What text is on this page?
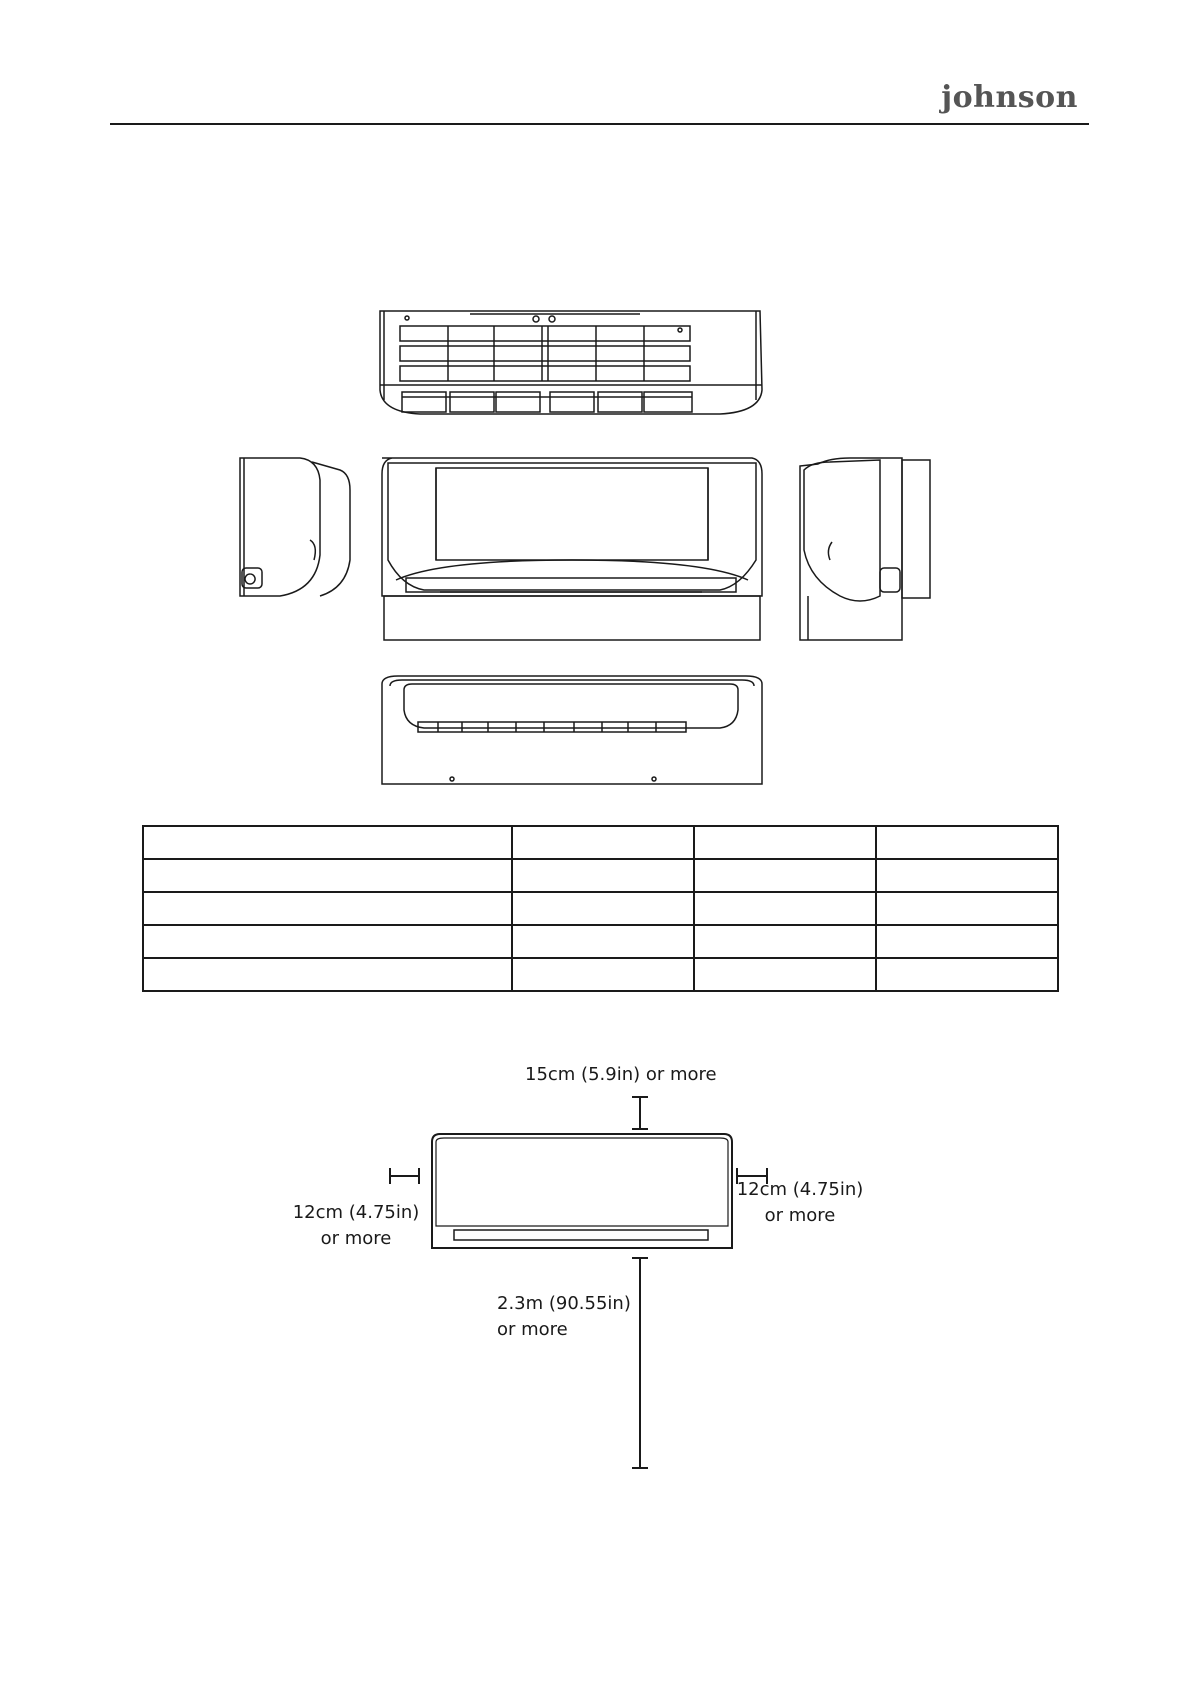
johnson

15cm (5.9in) or more
12cm (4.75in)
or more
12cm (4.75in)
or more
2.3m (90.55in)
or more
